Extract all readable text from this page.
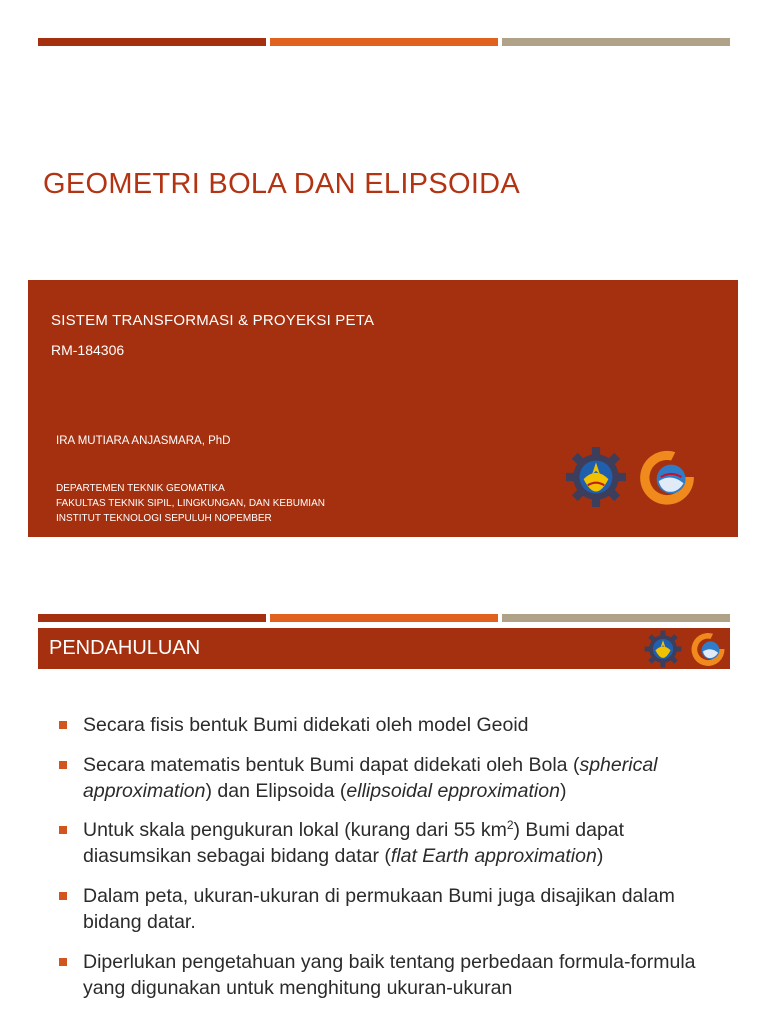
GEOMETRI BOLA DAN ELIPSOIDA
SISTEM TRANSFORMASI & PROYEKSI PETA
RM-184306
IRA MUTIARA ANJASMARA, PhD
DEPARTEMEN TEKNIK GEOMATIKA
FAKULTAS TEKNIK SIPIL, LINGKUNGAN, DAN KEBUMIAN
INSTITUT TEKNOLOGI SEPULUH NOPEMBER
PENDAHULUAN
Secara fisis bentuk Bumi didekati oleh model Geoid
Secara matematis bentuk Bumi dapat didekati oleh Bola (spherical approximation) dan Elipsoida (ellipsoidal epproximation)
Untuk skala pengukuran lokal (kurang dari 55 $km^2$) Bumi dapat diasumsikan sebagai bidang datar (flat Earth approximation)
Dalam peta, ukuran-ukuran di permukaan Bumi juga disajikan dalam bidang datar.
Diperlukan pengetahuan yang baik tentang perbedaan formula-formula yang digunakan untuk menghitung ukuran-ukuran
